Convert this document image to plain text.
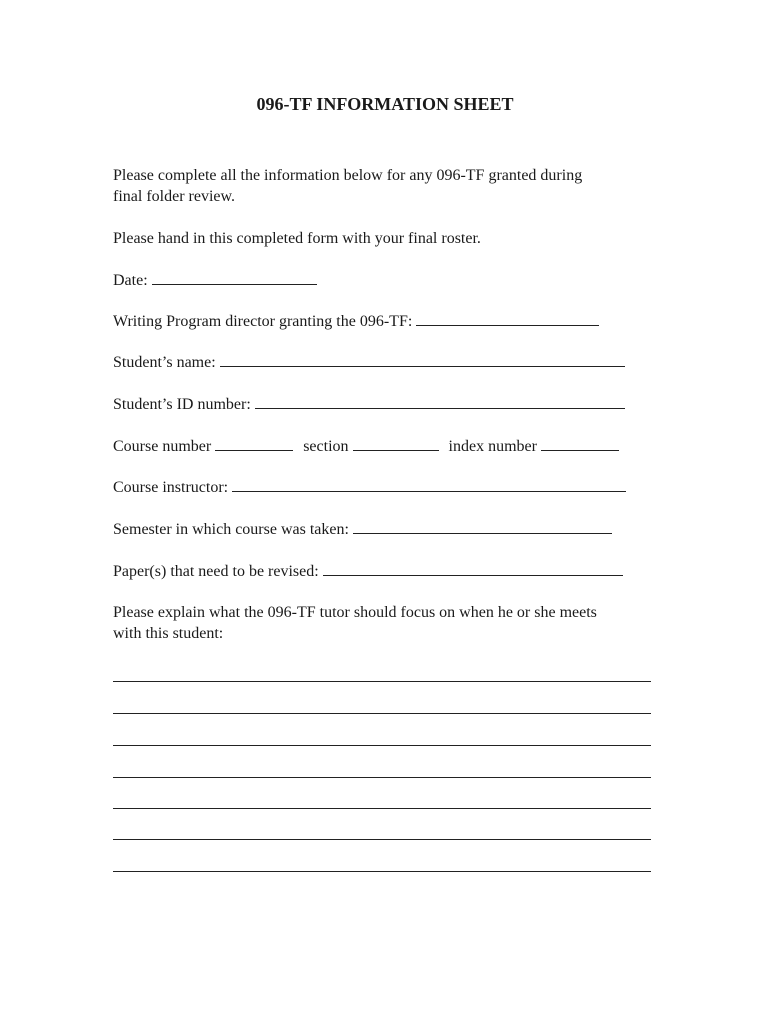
096-TF INFORMATION SHEET
Please complete all the information below for any 096-TF granted during
final folder review.
Please hand in this completed form with your final roster.
Date:
Writing Program director granting the 096-TF:
Student’s name:
Student’s ID number:
Course number	section	index number
Course instructor:
Semester in which course was taken:
Paper(s) that need to be revised:
Please explain what the 096-TF tutor should focus on when he or she meets
with this student:
